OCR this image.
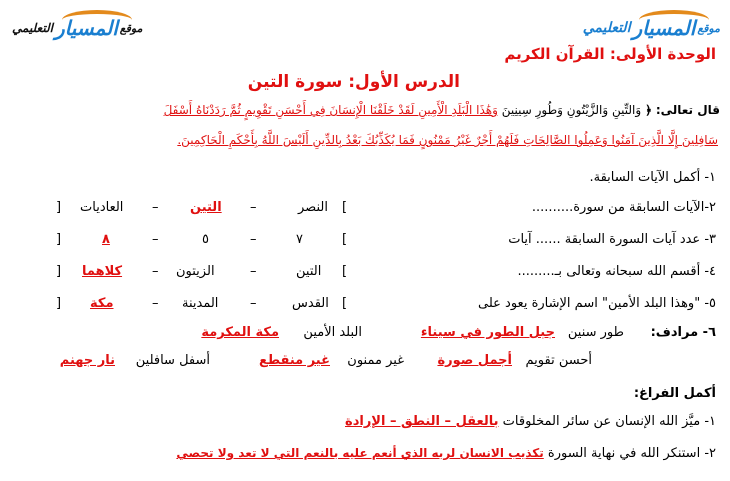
التعليمي المسيار موقع	التعليمي المسيار موقع
الوحدة الأولى: القرآن الكريم
الدرس الأول: سورة التين
قال تعالى: ﴿ وَالتِّينِ وَالزَّيْتُونِ وَطُورِ سِينِينَ وَهَٰذَا الْبَلَدِ الْأَمِينِ لَقَدْ خَلَقْنَا الْإِنسَانَ فِي أَحْسَنِ تَقْوِيمٍ ثُمَّ رَدَدْنَاهُ أَسْفَلَ
سَافِلِينَ إِلَّا الَّذِينَ آمَنُوا وَعَمِلُوا الصَّالِحَاتِ فَلَهُمْ أَجْرٌ غَيْرُ مَمْنُونٍ فَمَا يُكَذِّبُكَ بَعْدُ بِالدِّينِ أَلَيْسَ اللَّهُ بِأَحْكَمِ الْحَاكِمِينَ.
١- أكمل الآيات السابقة.
٢-الآيات السابقة من سورة..........
[
النصر
–
التين
–
العاديات
]
٣- عدد آيات السورة السابقة ...... آيات
[
٧
–
٥
–
٨
]
٤- أقسم الله سبحانه وتعالى بـ.........
[
التين
–
الزيتون
–
كلاهما
]
٥- "وهذا البلد الأمين" اسم الإشارة يعود على
[
القدس
–
المدينة
–
مكة
]
٦- مرادف:
طور سنين
جبل الطور في سيناء
البلد الأمين
مكة المكرمة
أحسن تقويم
أجمل صورة
غير ممنون
غير منقطع
أسفل سافلين
نار جهنم
أكمل الفراغ:
١- ميَّز الله الإنسان عن سائر المخلوقات بالعقل – النطق – الإرادة
٢- استنكر الله في نهاية السورة تكذيب الانسان لربه الذي أنعم عليه بالنعم التي لا تعد ولا تحصي
